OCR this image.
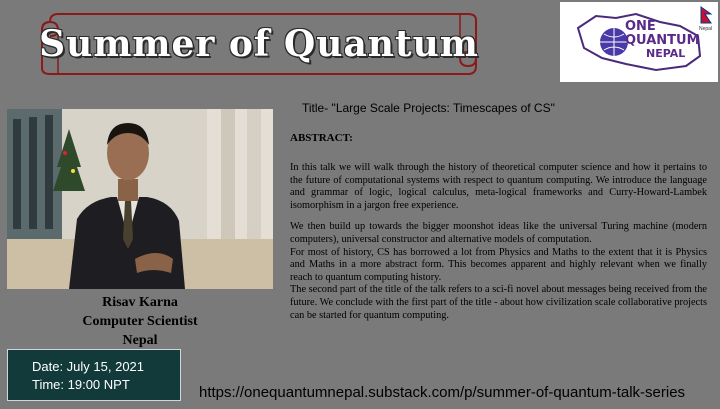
Summer of Quantum	ONE
QUANTUM
NEPAL
Nepal
Risav Karna
Computer Scientist
Nepal
Title- "Large Scale Projects: Timescapes of CS"
ABSTRACT:

In this talk we will walk through the history of theoretical computer science and how it pertains to the future of computational systems with respect to quantum computing. We introduce the language and grammar of logic, logical calculus, meta-logical frameworks and Curry-Howard-Lambek isomorphism in a jargon free experience.

We then build up towards the bigger moonshot ideas like the universal Turing machine (modern computers), universal constructor and alternative models of computation.

For most of history, CS has borrowed a lot from Physics and Maths to the extent that it is Physics and Maths in a more abstract form. This becomes apparent and highly relevant when we finally reach to quantum computing history.

The second part of the title of the talk refers to a sci-fi novel about messages being received from the future. We conclude with the first part of the title - about how civilization scale collaborative projects can be started for quantum computing.

Date: July 15, 2021
Time: 19:00 NPT	https://onequantumnepal.substack.com/p/summer-of-quantum-talk-series
